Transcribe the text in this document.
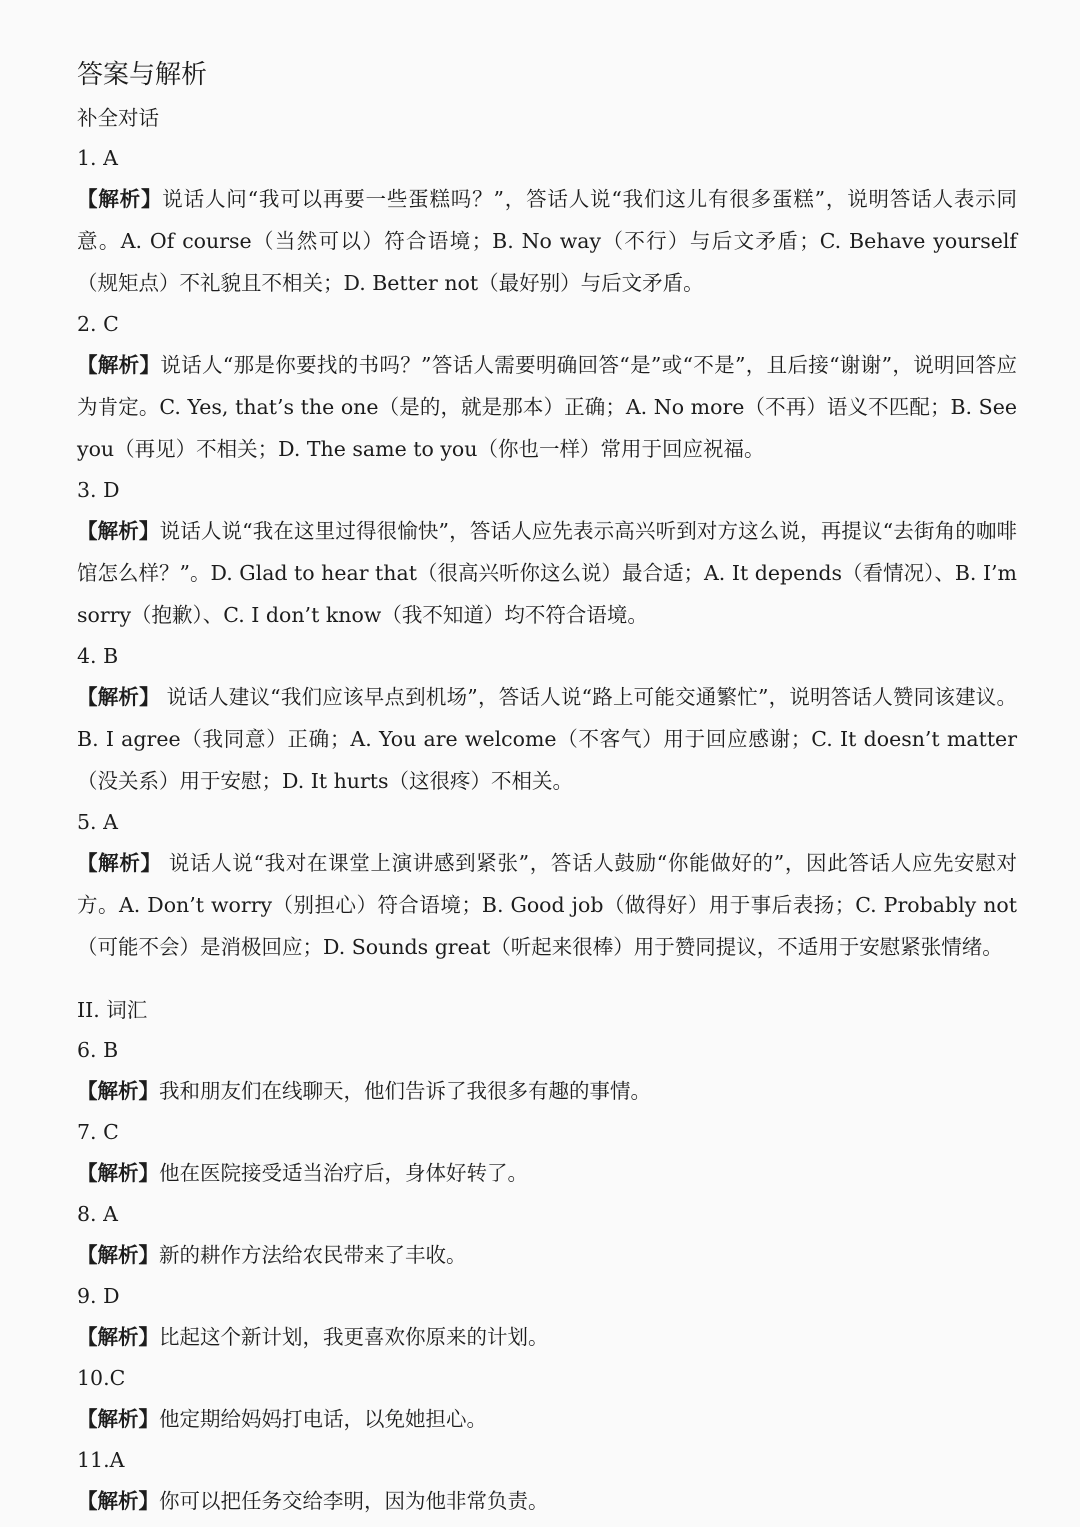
答案与解析
补全对话
1. A
【解析】说话人问“我可以再要一些蛋糕吗？”，答话人说“我们这儿有很多蛋糕”，说明答话人表示同意。A. Of course（当然可以）符合语境；B. No way（不行）与后文矛盾；C. Behave yourself（规矩点）不礼貌且不相关；D. Better not（最好别）与后文矛盾。
2. C
【解析】说话人“那是你要找的书吗？”答话人需要明确回答“是”或“不是”，且后接“谢谢”，说明回答应为肯定。C. Yes, that’s the one（是的，就是那本）正确；A. No more（不再）语义不匹配；B. See you（再见）不相关；D. The same to you（你也一样）常用于回应祝福。
3. D
【解析】说话人说“我在这里过得很愉快”，答话人应先表示高兴听到对方这么说，再提议“去街角的咖啡馆怎么样？”。D. Glad to hear that（很高兴听你这么说）最合适；A. It depends（看情况）、B. I’m sorry（抱歉）、C. I don’t know（我不知道）均不符合语境。
4. B
【解析】 说话人建议“我们应该早点到机场”，答话人说“路上可能交通繁忙”，说明答话人赞同该建议。B. I agree（我同意）正确；A. You are welcome（不客气）用于回应感谢；C. It doesn’t matter（没关系）用于安慰；D. It hurts（这很疼）不相关。
5. A
【解析】 说话人说“我对在课堂上演讲感到紧张”，答话人鼓励“你能做好的”，因此答话人应先安慰对方。A. Don’t worry（别担心）符合语境；B. Good job（做得好）用于事后表扬；C. Probably not（可能不会）是消极回应；D. Sounds great（听起来很棒）用于赞同提议，不适用于安慰紧张情绪。
II. 词汇
6. B
【解析】我和朋友们在线聊天，他们告诉了我很多有趣的事情。
7. C
【解析】他在医院接受适当治疗后，身体好转了。
8. A
【解析】新的耕作方法给农民带来了丰收。
9. D
【解析】比起这个新计划，我更喜欢你原来的计划。
10.C
【解析】他定期给妈妈打电话，以免她担心。
11.A
【解析】你可以把任务交给李明，因为他非常负责。
